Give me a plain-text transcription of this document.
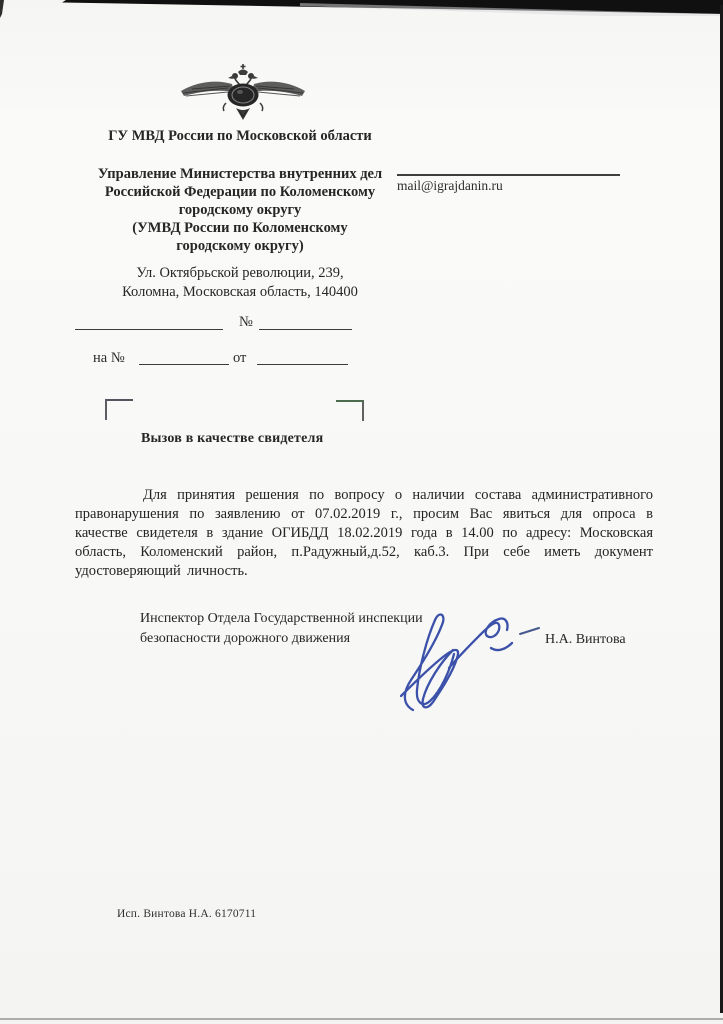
ГУ МВД России по Московской области
Управление Министерства внутренних дел
Российской Федерации по Коломенскому
городскому округу
(УМВД России по Коломенскому
городскому округу)
mail@igrajdanin.ru
Ул. Октябрьской революции, 239,
Коломна, Московская область, 140400
№
на №	от
Вызов в качестве свидетеля
Для принятия решения по вопросу о наличии состава административного правонарушения по заявлению от 07.02.2019 г., просим Вас явиться для опроса в качестве свидетеля в здание ОГИБДД 18.02.2019 года в 14.00 по адресу: Московская область, Коломенский район, п.Радужный,д.52, каб.3. При себе иметь документ удостоверяющий личность.
Инспектор Отдела Государственной инспекции
безопасности дорожного движения	Н.А. Винтова
Исп. Винтова Н.А. 6170711
